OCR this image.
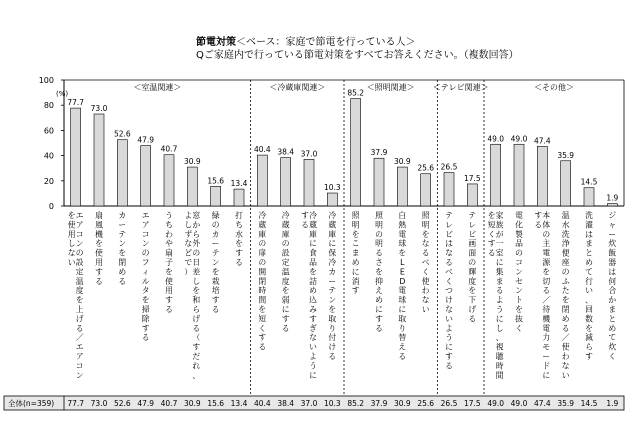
節電対策＜ベース：家庭で節電を行っている人＞
Qご家庭内で行っている節電対策をすべてお答えください。（複数回答）
0
20
40
60
80
100
(%)
＜室温関連＞	＜冷蔵庫関連＞	＜照明関連＞ ＜テレビ関連＞	＜その他＞
77.7
73.0
52.6
47.9
40.7
30.9
15.6 13.4
40.4 38.4 37.0
10.3
85.2
37.9
30.9
25.6 26.5
17.5
49.0 49.0 47.4
35.9
14.5
1.9
エアコンの設定温度を上げる／エアコン
を使用しない
扇風機を使用する
カーテンを閉める
エアコンのフィルタを掃除する
うちわや扇子を使用する
窓から外の日差しを和らげる（すだれ、
よしずなどで）
緑のカーテンを栽培する
打ち水をする
冷蔵庫の扉の開閉時間を短くする
冷蔵庫の設定温度を弱にする
冷蔵庫に食品を詰め込みすぎないように
する
冷蔵庫に保冷カーテンを取り付ける
照明をこまめに消す
照明の明るさを抑えめにする
白熱電球を L E D 電球に取り替える
照明をなるべく使わない
テレビはなるべくつけないようにする
テレビ画面の輝度を下げる
家族が一室に集まるようにし、視聴時間
を短くする
電化製品のコンセントを抜く
本体の主電源を切る／待機電力モードに
する
温水洗浄便座のふたを閉める／使わない
洗濯はまとめて行い、回数を減らす
ジャー炊飯器は何合かまとめて炊く
全体(n=359) 77.7 73.0 52.6 47.9 40.7 30.9 15.6 13.4 40.4 38.4 37.0 10.3 85.2 37.9 30.9 25.6 26.5 17.5 49.0 49.0 47.4 35.9 14.5 1.9
